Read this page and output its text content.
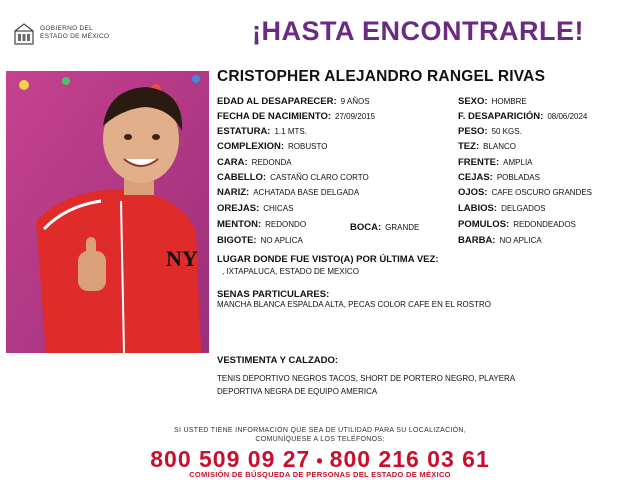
GOBIERNO DEL
ESTADO DE MÉXICO	¡HASTA ENCONTRARLE!
NY
CRISTOPHER ALEJANDRO RANGEL RIVAS
EDAD AL DESAPARECER: 9 AÑOS
FECHA DE NACIMIENTO: 27/09/2015
ESTATURA: 1.1 MTS.
COMPLEXION: ROBUSTO
CARA: REDONDA
CABELLO: CASTAÑO CLARO CORTO
NARIZ: ACHATADA BASE DELGADA
OREJAS: CHICAS
MENTON: REDONDO	BOCA: GRANDE
BIGOTE: NO APLICA
SEXO: HOMBRE
F. DESAPARICIÓN: 08/06/2024
PESO: 50 KGS.
TEZ: BLANCO
FRENTE: AMPLIA
CEJAS: POBLADAS
OJOS: CAFE OSCURO GRANDES
LABIOS: DELGADOS
POMULOS: REDONDEADOS
BARBA: NO APLICA
LUGAR DONDE FUE VISTO(A) POR ÚLTIMA VEZ:
, IXTAPALUCA, ESTADO DE MEXICO
SENAS PARTICULARES:
MANCHA BLANCA ESPALDA ALTA, PECAS COLOR CAFE EN EL ROSTRO
VESTIMENTA Y CALZADO:
TENIS DEPORTIVO NEGROS TACOS, SHORT DE PORTERO NEGRO, PLAYERA
DEPORTIVA NEGRA DE EQUIPO AMERICA
SI USTED TIENE INFORMACIÓN QUE SEA DE UTILIDAD PARA SU LOCALIZACIÓN,
COMUNÍQUESE A LOS TELÉFONOS:
800 509 09 27 • 800 216 03 61
COMISIÓN DE BÚSQUEDA DE PERSONAS DEL ESTADO DE MÉXICO
